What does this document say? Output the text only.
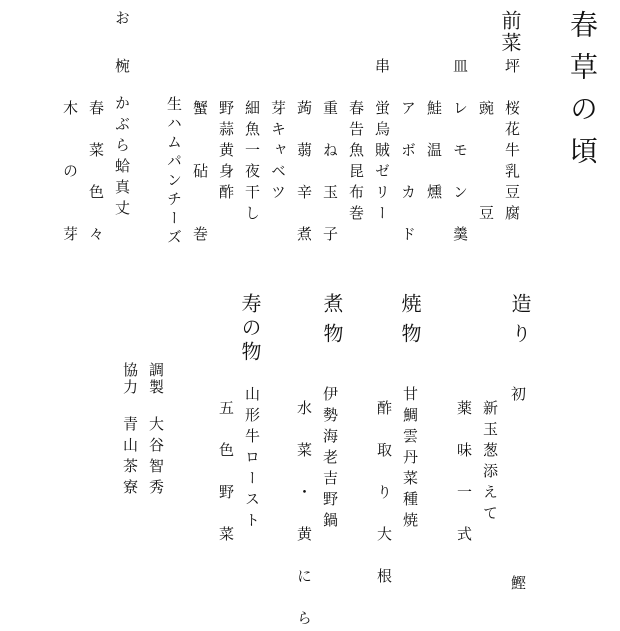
春草の頃
前菜
坪　桜花牛乳豆腐
　　豌　　　　豆
皿　レ　モ　ン　羹
　　鮭　温　燻
　　ア　ボ　カ　ド
串　蛍烏賊ゼリー
　　春告魚昆布巻
　　重　ね　玉　子
　　蒟　蒻　辛　煮
　　芽キャベツ
　　細魚一夜干し
　　野蒜黄身酢
　　蟹　　砧　　巻
　　生ハムパンチーズ
お
椀
かぶら蛤真丈
　　春　菜　色　々
　　木　　の　　芽
造り
初　　　　　　　　鰹
新玉葱添えて
薬　味　一　式
焼物
甘鯛雲丹菜種焼
酢　取　り　大　根
煮物
伊勢海老吉野鍋
水　菜　・　黄　に　ら
寿の物
山形牛ロースト
五　色　野　菜
調製
大谷智秀
協力
青山茶寮
